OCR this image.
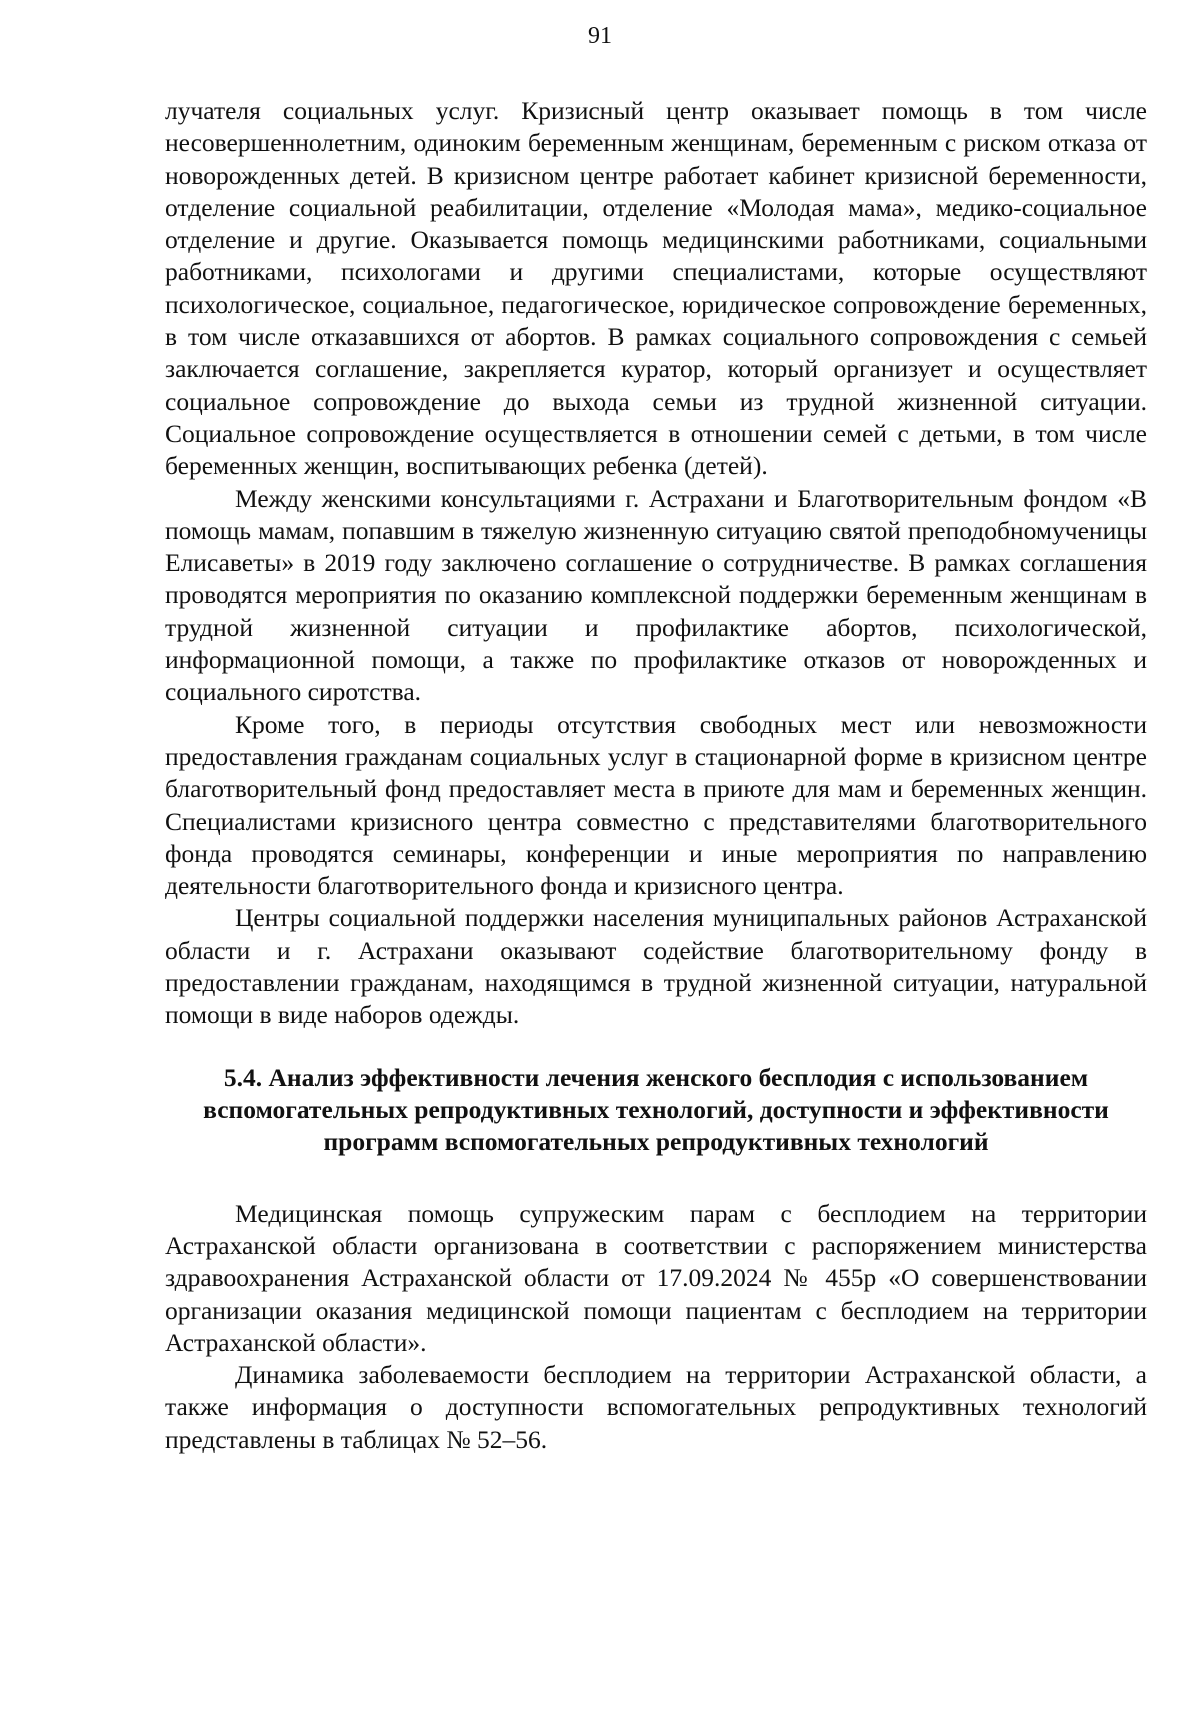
91

лучателя социальных услуг. Кризисный центр оказывает помощь в том числе несовершеннолетним, одиноким беременным женщинам, беременным с риском отказа от новорожденных детей. В кризисном центре работает кабинет кризисной беременности, отделение социальной реабилитации, отделение «Молодая мама», медико-социальное отделение и другие. Оказывается помощь медицинскими работниками, социальными работниками, психологами и другими специалистами, которые осуществляют психологическое, социальное, педагогическое, юридическое сопровождение беременных, в том числе отказавшихся от абортов. В рамках социального сопровождения с семьей заключается соглашение, закрепляется куратор, который организует и осуществляет социальное сопровождение до выхода семьи из трудной жизненной ситуации. Социальное сопровождение осуществляется в отношении семей с детьми, в том числе беременных женщин, воспитывающих ребенка (детей).

Между женскими консультациями г. Астрахани и Благотворительным фондом «В помощь мамам, попавшим в тяжелую жизненную ситуацию святой преподобномученицы Елисаветы» в 2019 году заключено соглашение о сотрудничестве. В рамках соглашения проводятся мероприятия по оказанию комплексной поддержки беременным женщинам в трудной жизненной ситуации и профилактике абортов, психологической, информационной помощи, а также по профилактике отказов от новорожденных и социального сиротства.

Кроме того, в периоды отсутствия свободных мест или невозможности предоставления гражданам социальных услуг в стационарной форме в кризисном центре благотворительный фонд предоставляет места в приюте для мам и беременных женщин. Специалистами кризисного центра совместно с представителями благотворительного фонда проводятся семинары, конференции и иные мероприятия по направлению деятельности благотворительного фонда и кризисного центра.

Центры социальной поддержки населения муниципальных районов Астраханской области и г. Астрахани оказывают содействие благотворительному фонду в предоставлении гражданам, находящимся в трудной жизненной ситуации, натуральной помощи в виде наборов одежды.

5.4. Анализ эффективности лечения женского бесплодия с использованием вспомогательных репродуктивных технологий, доступности и эффективности программ вспомогательных репродуктивных технологий

Медицинская помощь супружеским парам с бесплодием на территории Астраханской области организована в соответствии с распоряжением министерства здравоохранения Астраханской области от 17.09.2024 № 455р «О совершенствовании организации оказания медицинской помощи пациентам с бесплодием на территории Астраханской области».

Динамика заболеваемости бесплодием на территории Астраханской области, а также информация о доступности вспомогательных репродуктивных технологий представлены в таблицах № 52–56.
